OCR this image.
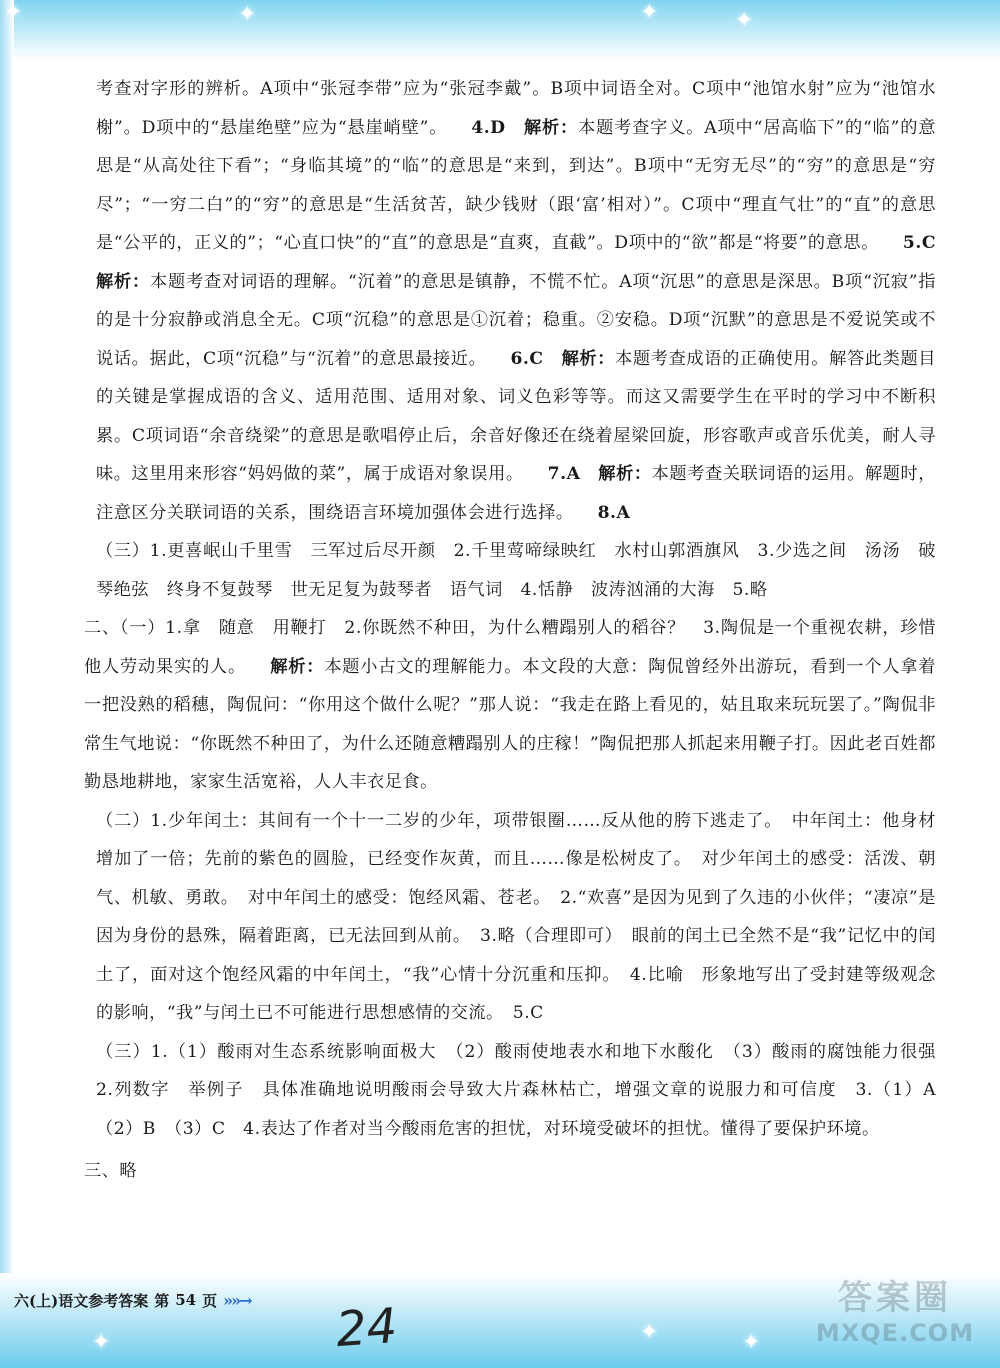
✦	✦	✦
✦
✦	✦	✦

考查对字形的辨析。A项中“张冠李带”应为“张冠李戴”。B项中词语全对。C项中“池馆水射”应为“池馆水榭”。D项中的“悬崖绝壁”应为“悬崖峭壁”。 4.D　 解析：本题考查字义。A项中“居高临下”的“临”的意思是“从高处往下看”；“身临其境”的“临”的意思是“来到，到达”。B项中“无穷无尽”的“穷”的意思是“穷尽”；“一穷二白”的“穷”的意思是“生活贫苦，缺少钱财（跟‘富’相对）”。C项中“理直气壮”的“直”的意思是“公平的，正义的”；“心直口快”的“直”的意思是“直爽，直截”。D项中的“欲”都是“将要”的意思。 5.C　解析：本题考查对词语的理解。“沉着”的意思是镇静，不慌不忙。A项“沉思”的意思是深思。B项“沉寂”指的是十分寂静或消息全无。C项“沉稳”的意思是①沉着；稳重。②安稳。D项“沉默”的意思是不爱说笑或不说话。据此，C项“沉稳”与“沉着”的意思最接近。 6.C　 解析：本题考查成语的正确使用。解答此类题目的关键是掌握成语的含义、适用范围、适用对象、词义色彩等等。而这又需要学生在平时的学习中不断积累。C项词语“余音绕梁”的意思是歌唱停止后，余音好像还在绕着屋梁回旋，形容歌声或音乐优美，耐人寻味。这里用来形容“妈妈做的菜”，属于成语对象误用。 7.A　 解析：本题考查关联词语的运用。解题时，注意区分关联词语的关系，围绕语言环境加强体会进行选择。 8.A

（三）1.更喜岷山千里雪　三军过后尽开颜　2.千里莺啼绿映红　水村山郭酒旗风　3.少选之间　汤汤　破琴绝弦　终身不复鼓琴　世无足复为鼓琴者　语气词　4.恬静　波涛汹涌的大海　5.略

二、（一）1.拿　随意　用鞭打　2.你既然不种田，为什么糟蹋别人的稻谷？　3.陶侃是一个重视农耕，珍惜他人劳动果实的人。 解析：本题小古文的理解能力。本文段的大意：陶侃曾经外出游玩，看到一个人拿着一把没熟的稻穗，陶侃问：“你用这个做什么呢？”那人说：“我走在路上看见的，姑且取来玩玩罢了。”陶侃非常生气地说：“你既然不种田了，为什么还随意糟蹋别人的庄稼！”陶侃把那人抓起来用鞭子打。因此老百姓都勤恳地耕地，家家生活宽裕，人人丰衣足食。

（二）1.少年闰土：其间有一个十一二岁的少年，项带银圈……反从他的胯下逃走了。　中年闰土：他身材增加了一倍；先前的紫色的圆脸，已经变作灰黄，而且……像是松树皮了。　对少年闰土的感受：活泼、朝气、机敏、勇敢。　对中年闰土的感受：饱经风霜、苍老。　2.“欢喜”是因为见到了久违的小伙伴；“凄凉”是因为身份的悬殊，隔着距离，已无法回到从前。　3.略（合理即可）　眼前的闰土已全然不是“我”记忆中的闰土了，面对这个饱经风霜的中年闰土，“我”心情十分沉重和压抑。　4.比喻　形象地写出了受封建等级观念的影响，“我”与闰土已不可能进行思想感情的交流。　5.C

（三）1.（1）酸雨对生态系统影响面极大　（2）酸雨使地表水和地下水酸化　（3）酸雨的腐蚀能力很强　2.列数字　举例子　具体准确地说明酸雨会导致大片森林枯亡，增强文章的说服力和可信度　3.（1）A　（2）B　（3）C　4.表达了作者对当今酸雨危害的担忧，对环境受破坏的担忧。懂得了要保护环境。

三、略

六(上)语文参考答案 第 54 页 »»→ 24	答案圈
MXQE.COM
